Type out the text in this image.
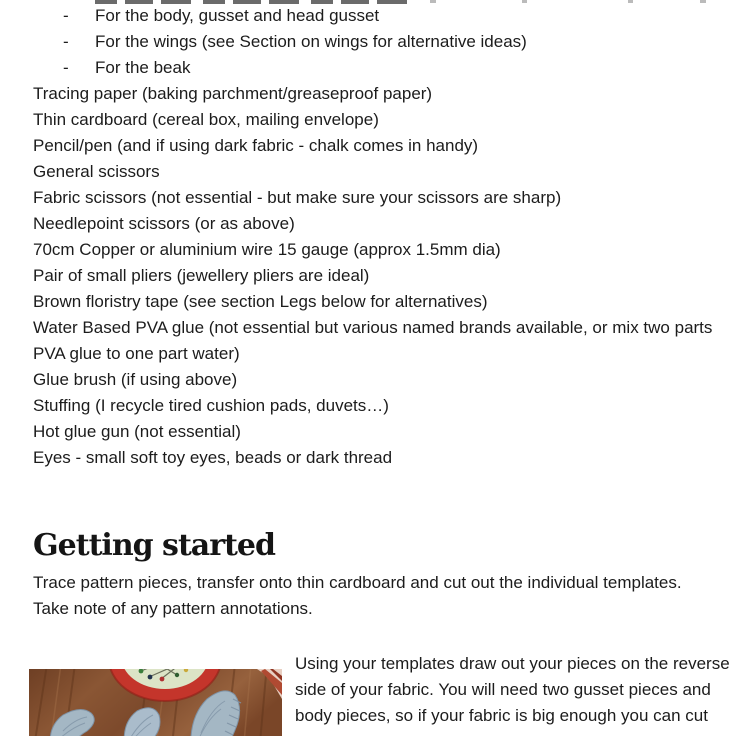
- For the body, gusset and head gusset
- For the wings (see Section on wings for alternative ideas)
- For the beak
Tracing paper (baking parchment/greaseproof paper)
Thin cardboard (cereal box, mailing envelope)
Pencil/pen (and if using dark fabric - chalk comes in handy)
General scissors
Fabric scissors (not essential - but make sure your scissors are sharp)
Needlepoint scissors (or as above)
70cm Copper or aluminium wire 15 gauge (approx 1.5mm dia)
Pair of small pliers (jewellery pliers are ideal)
Brown floristry tape (see section Legs below for alternatives)
Water Based PVA glue (not essential but various named brands available, or mix two parts
PVA glue to one part water)
Glue brush (if using above)
Stuffing (I recycle tired cushion pads, duvets…)
Hot glue gun (not essential)
Eyes - small soft toy eyes, beads or dark thread
Getting started
Trace pattern pieces, transfer onto thin cardboard and cut out the individual templates.
Take note of any pattern annotations.
Using your templates draw out your pieces on the reverse
side of your fabric. You will need two gusset pieces and
body pieces, so if your fabric is big enough you can cut
